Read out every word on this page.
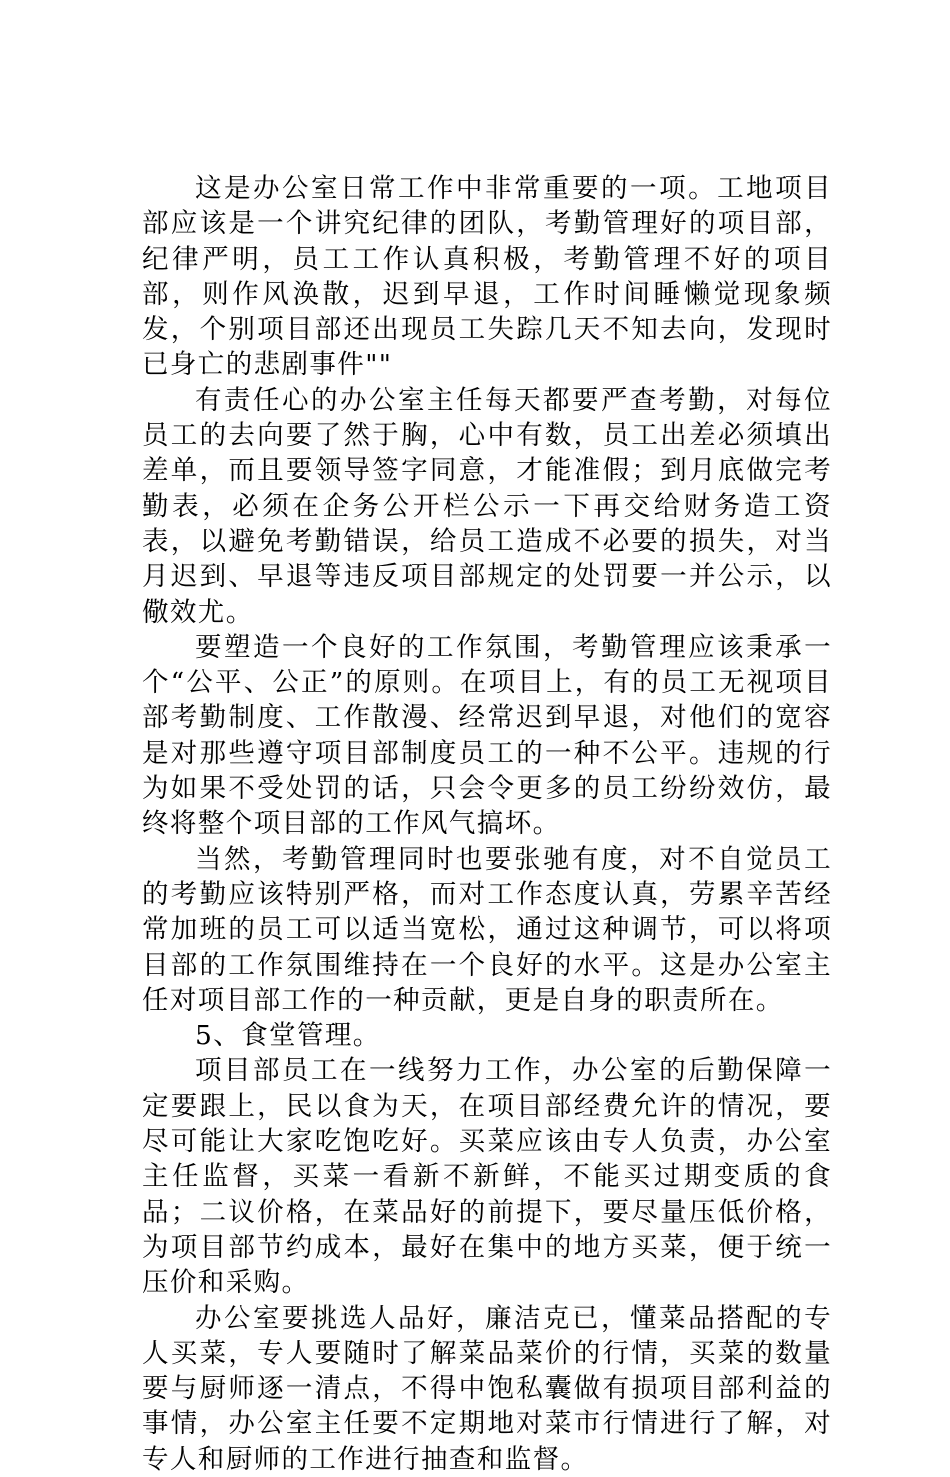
这是办公室日常工作中非常重要的一项。工地项目部应该是一个讲究纪律的团队，考勤管理好的项目部，纪律严明，员工工作认真积极，考勤管理不好的项目部，则作风涣散，迟到早退，工作时间睡懒觉现象频发，个别项目部还出现员工失踪几天不知去向，发现时已身亡的悲剧事件""

有责任心的办公室主任每天都要严查考勤，对每位员工的去向要了然于胸，心中有数，员工出差必须填出差单，而且要领导签字同意，才能准假；到月底做完考勤表，必须在企务公开栏公示一下再交给财务造工资表，以避免考勤错误，给员工造成不必要的损失，对当月迟到、早退等违反项目部规定的处罚要一并公示，以儆效尤。

要塑造一个良好的工作氛围，考勤管理应该秉承一个“公平、公正”的原则。在项目上，有的员工无视项目部考勤制度、工作散漫、经常迟到早退，对他们的宽容是对那些遵守项目部制度员工的一种不公平。违规的行为如果不受处罚的话，只会令更多的员工纷纷效仿，最终将整个项目部的工作风气搞坏。

当然，考勤管理同时也要张驰有度，对不自觉员工的考勤应该特别严格，而对工作态度认真，劳累辛苦经常加班的员工可以适当宽松，通过这种调节，可以将项目部的工作氛围维持在一个良好的水平。这是办公室主任对项目部工作的一种贡献，更是自身的职责所在。

5、食堂管理。

项目部员工在一线努力工作，办公室的后勤保障一定要跟上，民以食为天，在项目部经费允许的情况，要尽可能让大家吃饱吃好。买菜应该由专人负责，办公室主任监督，买菜一看新不新鲜，不能买过期变质的食品；二议价格，在菜品好的前提下，要尽量压低价格，为项目部节约成本，最好在集中的地方买菜，便于统一压价和采购。

办公室要挑选人品好，廉洁克已，懂菜品搭配的专人买菜，专人要随时了解菜品菜价的行情，买菜的数量要与厨师逐一清点，不得中饱私囊做有损项目部利益的事情，办公室主任要不定期地对菜市行情进行了解，对专人和厨师的工作进行抽查和监督。
